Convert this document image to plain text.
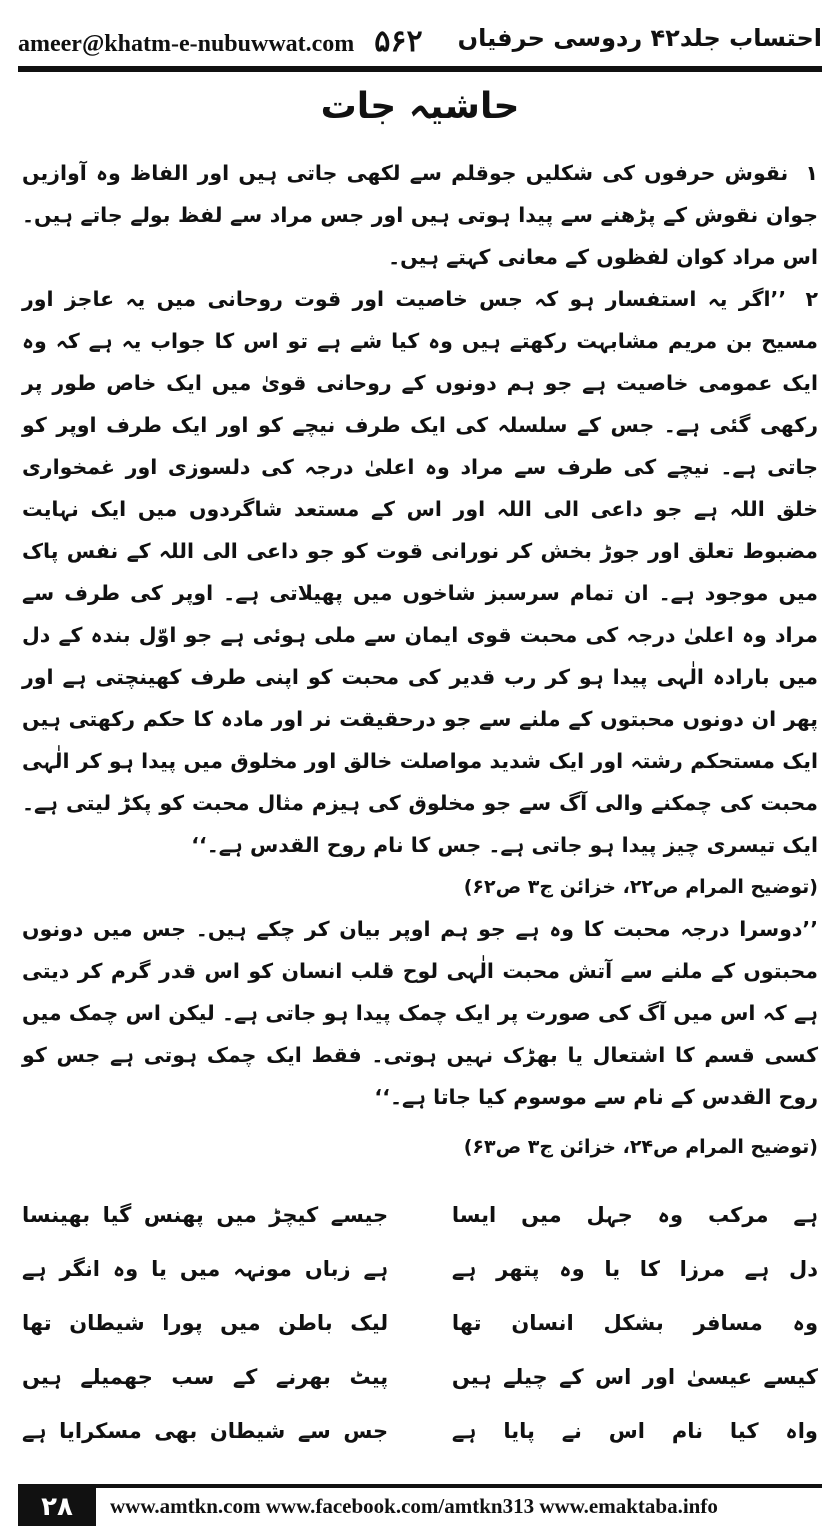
ameer@khatm-e-nubuwwat.com ۵۶۲ احتساب جلد۴۲ ردوسی حرفیاں
حاشیہ جات

۱ نقوش حرفوں کی شکلیں جوقلم سے لکھی جاتی ہیں اور الفاظ وہ آوازیں جوان نقوش کے پڑھنے سے پیدا ہوتی ہیں اور جس مراد سے لفظ بولے جاتے ہیں۔ اس مراد کوان لفظوں کے معانی کہتے ہیں۔

۲ ’’اگر یہ استفسار ہو کہ جس خاصیت اور قوت روحانی میں یہ عاجز اور مسیح بن مریم مشابہت رکھتے ہیں وہ کیا شے ہے تو اس کا جواب یہ ہے کہ وہ ایک عمومی خاصیت ہے جو ہم دونوں کے روحانی قویٰ میں ایک خاص طور پر رکھی گئی ہے۔ جس کے سلسلہ کی ایک طرف نیچے کو اور ایک طرف اوپر کو جاتی ہے۔ نیچے کی طرف سے مراد وہ اعلیٰ درجہ کی دلسوزی اور غمخواری خلق اللہ ہے جو داعی الی اللہ اور اس کے مستعد شاگردوں میں ایک نہایت مضبوط تعلق اور جوڑ بخش کر نورانی قوت کو جو داعی الی اللہ کے نفس پاک میں موجود ہے۔ ان تمام سرسبز شاخوں میں پھیلاتی ہے۔ اوپر کی طرف سے مراد وہ اعلیٰ درجہ کی محبت قوی ایمان سے ملی ہوئی ہے جو اوّل بندہ کے دل میں بارادہ الٰہی پیدا ہو کر رب قدیر کی محبت کو اپنی طرف کھینچتی ہے اور پھر ان دونوں محبتوں کے ملنے سے جو درحقیقت نر اور مادہ کا حکم رکھتی ہیں ایک مستحکم رشتہ اور ایک شدید مواصلت خالق اور مخلوق میں پیدا ہو کر الٰہی محبت کی چمکنے والی آگ سے جو مخلوق کی ہیزم مثال محبت کو پکڑ لیتی ہے۔ ایک تیسری چیز پیدا ہو جاتی ہے۔ جس کا نام روح القدس ہے۔‘‘
(توضیح المرام ص۲۲، خزائن ج۳ ص۶۲)

’’دوسرا درجہ محبت کا وہ ہے جو ہم اوپر بیان کر چکے ہیں۔ جس میں دونوں محبتوں کے ملنے سے آتش محبت الٰہی لوح قلب انسان کو اس قدر گرم کر دیتی ہے کہ اس میں آگ کی صورت پر ایک چمک پیدا ہو جاتی ہے۔ لیکن اس چمک میں کسی قسم کا اشتعال یا بھڑک نہیں ہوتی۔ فقط ایک چمک ہوتی ہے جس کو روح القدس کے نام سے موسوم کیا جاتا ہے۔‘‘
(توضیح المرام ص۲۴، خزائن ج۳ ص۶۳)

ہے مرکب وہ جہل میں ایسا
جیسے کیچڑ میں پھنس گیا بھینسا
دل ہے مرزا کا یا وہ پتھر ہے
ہے زباں مونہہ میں یا وہ انگر ہے
وہ مسافر بشکل انسان تھا
لیک باطن میں پورا شیطان تھا
کیسے عیسیٰ اور اس کے چیلے ہیں
پیٹ بھرنے کے سب جھمیلے ہیں
واہ کیا نام اس نے پایا ہے
جس سے شیطان بھی مسکرایا ہے
۲۸	www.amtkn.com www.facebook.com/amtkn313 www.emaktaba.info
